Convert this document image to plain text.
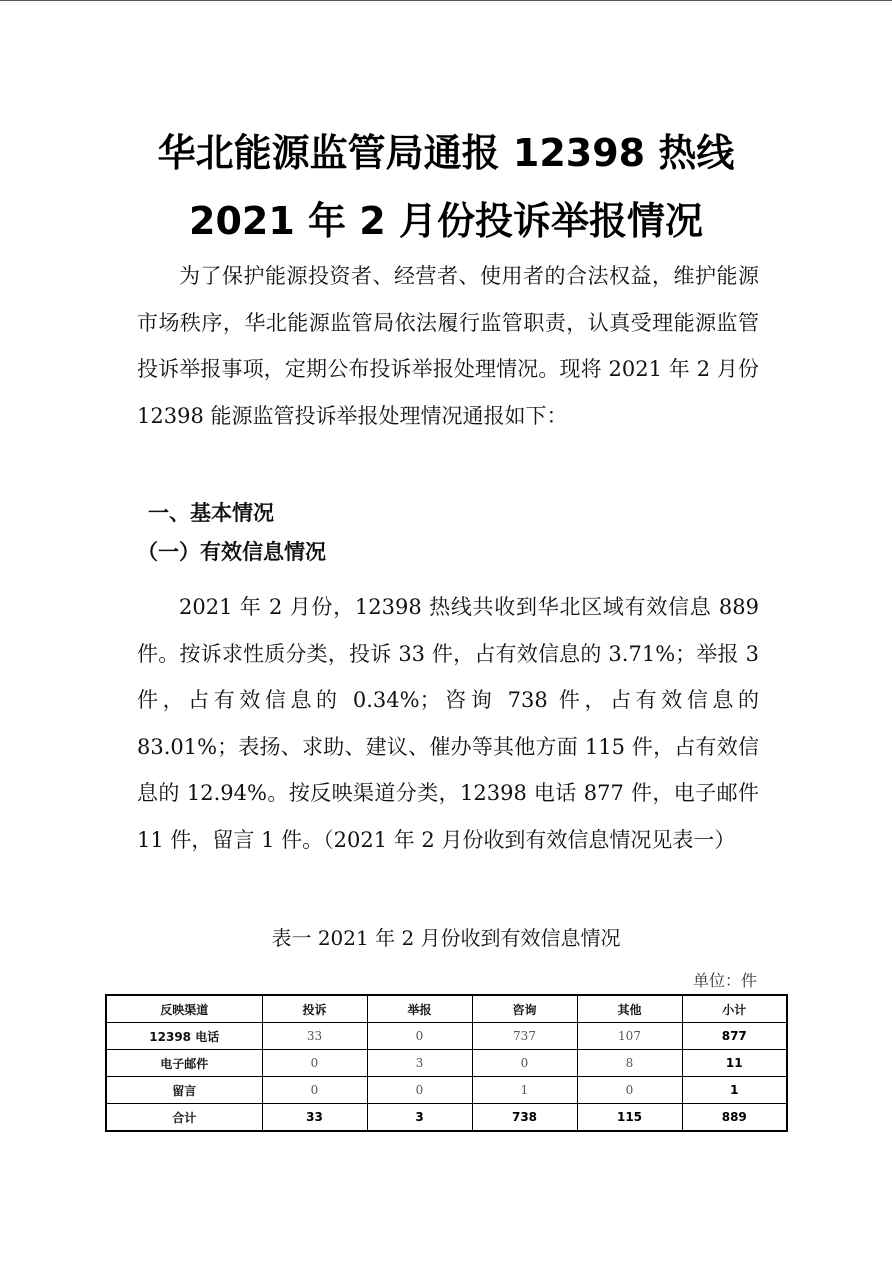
华北能源监管局通报 12398 热线
2021 年 2 月份投诉举报情况

为了保护能源投资者、经营者、使用者的合法权益，维护能源市场秩序，华北能源监管局依法履行监管职责，认真受理能源监管投诉举报事项，定期公布投诉举报处理情况。现将 2021 年 2 月份 12398 能源监管投诉举报处理情况通报如下：

一、基本情况
（一）有效信息情况

2021 年 2 月份，12398 热线共收到华北区域有效信息 889 件。按诉求性质分类，投诉 33 件，占有效信息的 3.71%；举报 3 件，占有效信息的 0.34%；咨询 738 件，占有效信息的 83.01%；表扬、求助、建议、催办等其他方面 115 件，占有效信息的 12.94%。按反映渠道分类，12398 电话 877 件，电子邮件 11 件，留言 1 件。（2021 年 2 月份收到有效信息情况见表一）

表一 2021 年 2 月份收到有效信息情况
单位：件
反映渠道	投诉	举报	咨询	其他	小计
12398 电话	33	0	737	107	877
电子邮件	0	3	0	8	11
留言	0	0	1	0	1
合计	33	3	738	115	889
